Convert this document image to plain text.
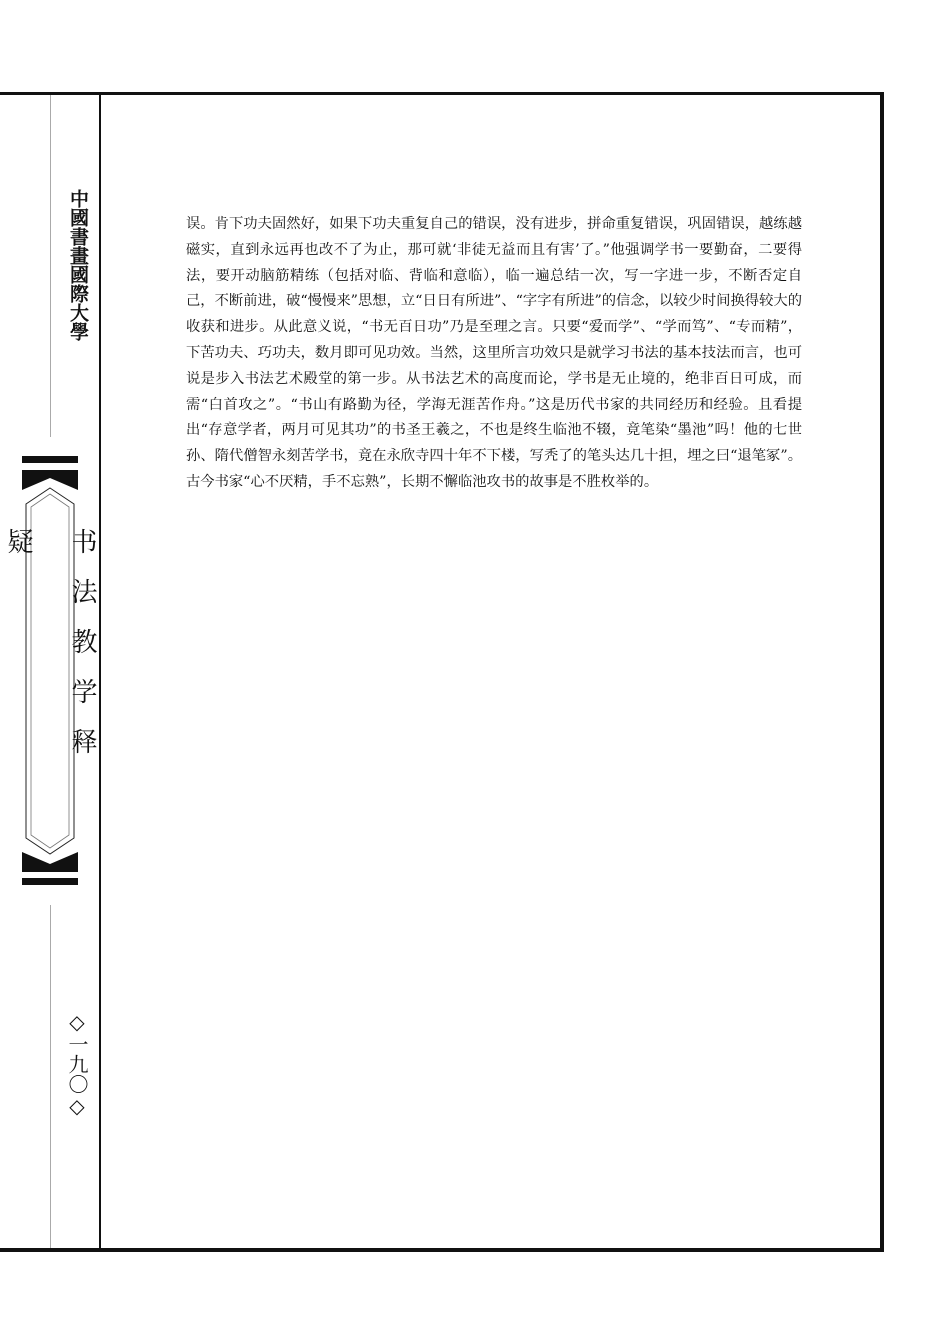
中國書畫國際大學
书法教学释疑
◇一九〇◇

误。肯下功夫固然好，如果下功夫重复自己的错误，没有进步，拼命重复错误，巩固错误，越练越磁实，直到永远再也改不了为止，那可就‘非徒无益而且有害’了。”他强调学书一要勤奋，二要得法，要开动脑筋精练（包括对临、背临和意临），临一遍总结一次，写一字进一步，不断否定自己，不断前进，破“慢慢来”思想，立“日日有所进”、“字字有所进”的信念，以较少时间换得较大的收获和进步。从此意义说，“书无百日功”乃是至理之言。只要“爱而学”、“学而笃”、“专而精”，下苦功夫、巧功夫，数月即可见功效。当然，这里所言功效只是就学习书法的基本技法而言，也可说是步入书法艺术殿堂的第一步。从书法艺术的高度而论，学书是无止境的，绝非百日可成，而需“白首攻之”。“书山有路勤为径，学海无涯苦作舟。”这是历代书家的共同经历和经验。且看提出“存意学者，两月可见其功”的书圣王羲之，不也是终生临池不辍，竟笔染“墨池”吗！他的七世孙、隋代僧智永刻苦学书，竟在永欣寺四十年不下楼，写秃了的笔头达几十担，埋之曰“退笔冢”。古今书家“心不厌精，手不忘熟”，长期不懈临池攻书的故事是不胜枚举的。
